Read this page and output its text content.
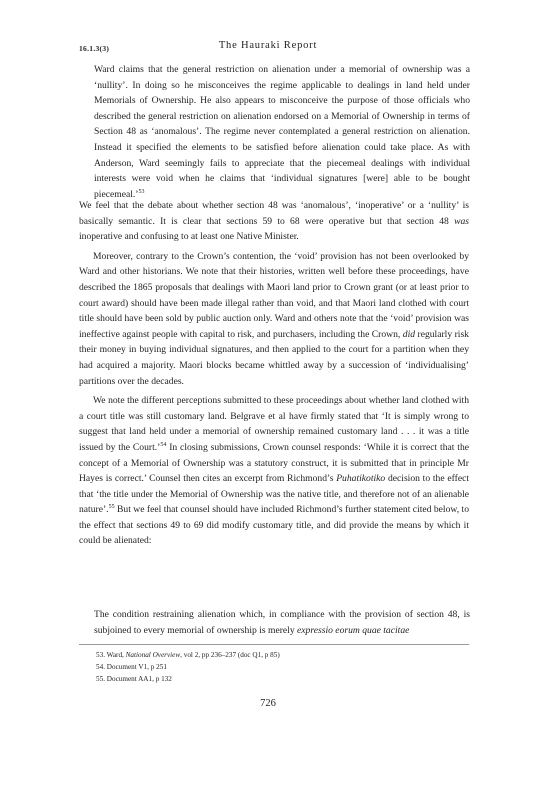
16.1.3(3)	The Hauraki Report

Ward claims that the general restriction on alienation under a memorial of ownership was a ‘nullity’. In doing so he misconceives the regime applicable to dealings in land held under Memorials of Ownership. He also appears to misconceive the purpose of those officials who described the general restriction on alienation endorsed on a Memorial of Ownership in terms of Section 48 as ‘anomalous’. The regime never contemplated a general restriction on alienation. Instead it specified the elements to be satisfied before alienation could take place. As with Anderson, Ward seemingly fails to appreciate that the piecemeal dealings with individual interests were void when he claims that ‘individual signatures [were] able to be bought piecemeal.’$^{53}$

We feel that the debate about whether section 48 was ‘anomalous’, ‘inoperative’ or a ‘nullity’ is basically semantic. It is clear that sections 59 to 68 were operative but that section 48 was inoperative and confusing to at least one Native Minister.

Moreover, contrary to the Crown’s contention, the ‘void’ provision has not been overlooked by Ward and other historians. We note that their histories, written well before these proceedings, have described the 1865 proposals that dealings with Maori land prior to Crown grant (or at least prior to court award) should have been made illegal rather than void, and that Maori land clothed with court title should have been sold by public auction only. Ward and others note that the ‘void’ provision was ineffective against people with capital to risk, and purchasers, including the Crown, did regularly risk their money in buying individual signatures, and then applied to the court for a partition when they had acquired a majority. Maori blocks became whittled away by a succession of ‘individualising’ partitions over the decades.

We note the different perceptions submitted to these proceedings about whether land clothed with a court title was still customary land. Belgrave et al have firmly stated that ‘It is simply wrong to suggest that land held under a memorial of ownership remained customary land . . . it was a title issued by the Court.’$^{54}$ In closing submissions, Crown counsel responds: ‘While it is correct that the concept of a Memorial of Ownership was a statutory construct, it is submitted that in principle Mr Hayes is correct.’ Counsel then cites an excerpt from Richmond’s Puhatikotiko decision to the effect that ‘the title under the Memorial of Ownership was the native title, and therefore not of an alienable nature’.$^{55}$ But we feel that counsel should have included Richmond’s further statement cited below, to the effect that sections 49 to 69 did modify customary title, and did provide the means by which it could be alienated:

The condition restraining alienation which, in compliance with the provision of section 48, is subjoined to every memorial of ownership is merely expressio eorum quae tacitae

53. Ward, National Overview, vol 2, pp 236–237 (doc Q1, p 85)
54. Document V1, p 251
55. Document AA1, p 132
726
